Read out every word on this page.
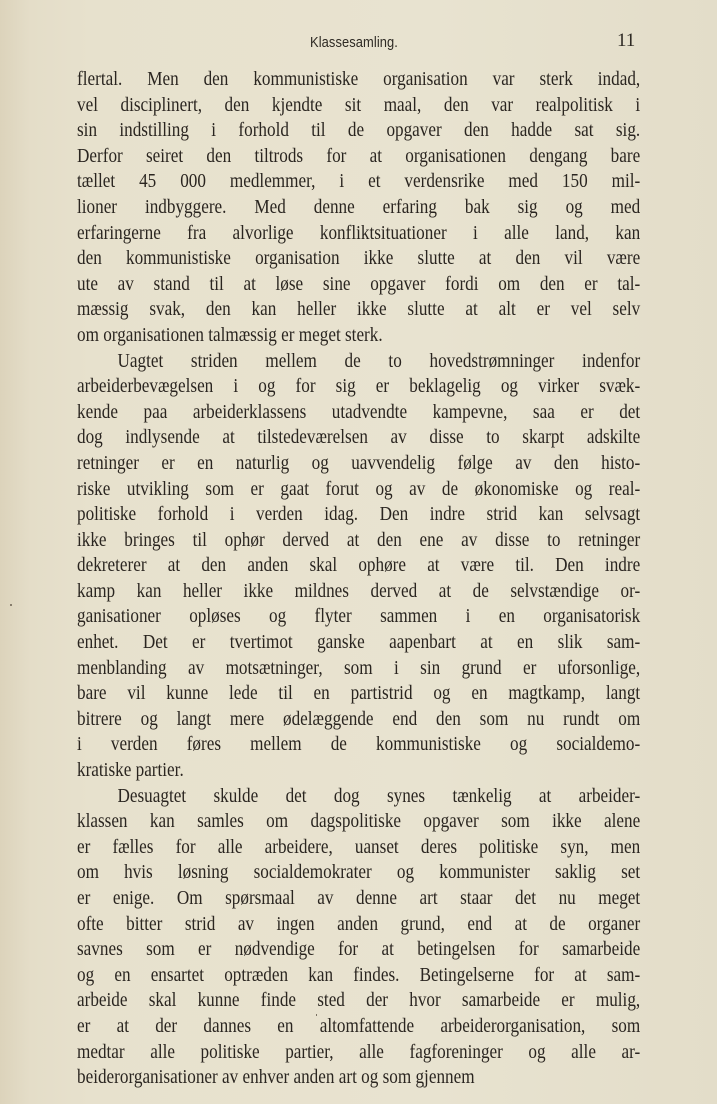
Klassesamling.	11
flertal. Men den kommunistiske organisation var sterk indad,
vel disciplinert, den kjendte sit maal, den var realpolitisk i
sin indstilling i forhold til de opgaver den hadde sat sig.
Derfor seiret den tiltrods for at organisationen dengang bare
tællet 45 000 medlemmer, i et verdensrike med 150 mil-
lioner indbyggere. Med denne erfaring bak sig og med
erfaringerne fra alvorlige konfliktsituationer i alle land, kan
den kommunistiske organisation ikke slutte at den vil være
ute av stand til at løse sine opgaver fordi om den er tal-
mæssig svak, den kan heller ikke slutte at alt er vel selv
om organisationen talmæssig er meget sterk.
Uagtet striden mellem de to hovedstrømninger indenfor
arbeiderbevægelsen i og for sig er beklagelig og virker svæk-
kende paa arbeiderklassens utadvendte kampevne, saa er det
dog indlysende at tilstedeværelsen av disse to skarpt adskilte
retninger er en naturlig og uavvendelig følge av den histo-
riske utvikling som er gaat forut og av de økonomiske og real-
politiske forhold i verden idag. Den indre strid kan selvsagt
ikke bringes til ophør derved at den ene av disse to retninger
dekreterer at den anden skal ophøre at være til. Den indre
kamp kan heller ikke mildnes derved at de selvstændige or-
ganisationer opløses og flyter sammen i en organisatorisk
enhet. Det er tvertimot ganske aapenbart at en slik sam-
menblanding av motsætninger, som i sin grund er uforsonlige,
bare vil kunne lede til en partistrid og en magtkamp, langt
bitrere og langt mere ødelæggende end den som nu rundt om
i verden føres mellem de kommunistiske og socialdemo-
kratiske partier.
Desuagtet skulde det dog synes tænkelig at arbeider-
klassen kan samles om dagspolitiske opgaver som ikke alene
er fælles for alle arbeidere, uanset deres politiske syn, men
om hvis løsning socialdemokrater og kommunister saklig set
er enige. Om spørsmaal av denne art staar det nu meget
ofte bitter strid av ingen anden grund, end at de organer
savnes som er nødvendige for at betingelsen for samarbeide
og en ensartet optræden kan findes. Betingelserne for at sam-
arbeide skal kunne finde sted der hvor samarbeide er mulig,
er at der dannes en altomfattende arbeiderorganisation, som
medtar alle politiske partier, alle fagforeninger og alle ar-
beiderorganisationer av enhver anden art og som gjennem
